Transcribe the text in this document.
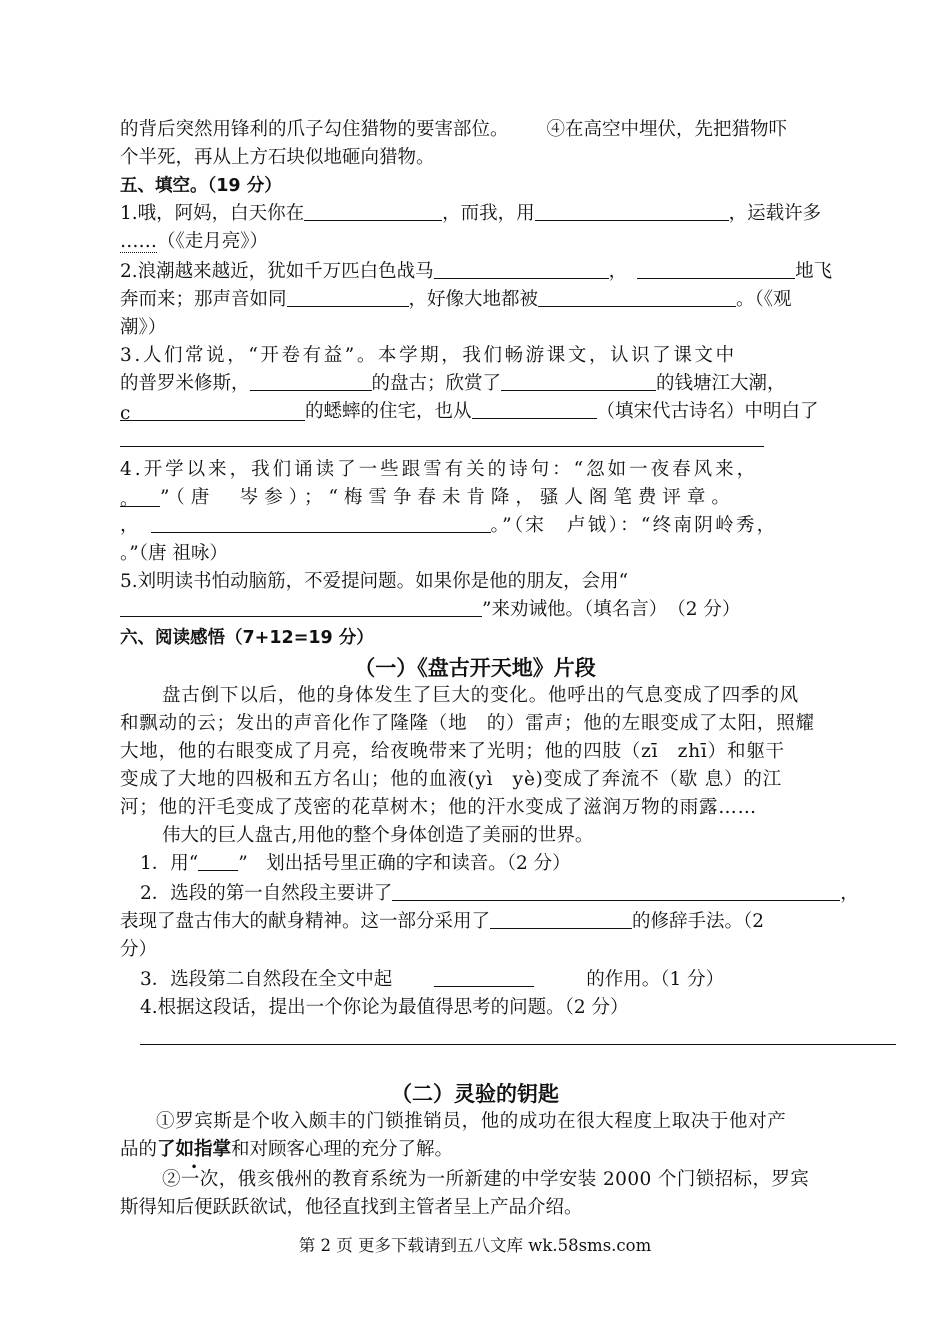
的背后突然用锋利的爪子勾住猎物的要害部位。 ④在高空中埋伏，先把猎物吓
个半死，再从上方石块似地砸向猎物。
五、填空。（19 分）
1.哦，阿妈，白天你在	，而我，用	，运载许多
……（《走月亮》）
2.浪潮越来越近，犹如千万匹白色战马	，	地飞
奔而来；那声音如同	，好像大地都被	。（《观
潮》）
3.人们常说，“开卷有益”。本学期，我们畅游课文，认识了课文中
的普罗米修斯，	的盘古；欣赏了	的钱塘江大潮，
c	的蟋蟀的住宅，也从	（填宋代古诗名）中明白了
4.开学以来，我们诵读了一些跟雪有关的诗句：“忽如一夜春风来，
。 ”（唐　岑参）；“梅雪争春未肯降，骚人阁笔费评章。
，	。”（宋　卢钺）：“终南阴岭秀，
。”（唐 祖咏）
5.刘明读书怕动脑筋，不爱提问题。如果你是他的朋友，会用“
”来劝诫他。（填名言）　（2 分）
六、阅读感悟（7+12=19 分）
（一）《盘古开天地》片段
盘古倒下以后，他的身体发生了巨大的变化。他呼出的气息变成了四季的风
和飘动的云；发出的声音化作了隆隆（地　的）雷声；他的左眼变成了太阳，照耀
大地，他的右眼变成了月亮，给夜晚带来了光明；他的四肢（zī　zhī）和躯干
变成了大地的四极和五方名山；他的血液(yì　yè)变成了奔流不（歇 息）的江
河；他的汗毛变成了茂密的花草树木；他的汗水变成了滋润万物的雨露……
伟大的巨人盘古,用他的整个身体创造了美丽的世界。
1．用“ ”　划出括号里正确的字和读音。（2 分）
2．选段的第一自然段主要讲了	，
表现了盘古伟大的献身精神。这一部分采用了	的修辞手法。（2
分）
3．选段第二自然段在全文中起	的作用。（1 分）
4.根据这段话，提出一个你论为最值得思考的问题。（2 分）
（二）灵验的钥匙
①罗宾斯是个收入颇丰的门锁推销员，他的成功在很大程度上取决于他对产
品的了如指掌和对顾客心理的充分了解。
②一次，俄亥俄州的教育系统为一所新建的中学安装 2000 个门锁招标，罗宾
斯得知后便跃跃欲试，他径直找到主管者呈上产品介绍。
第 2 页 更多下载请到五八文库 wk.58sms.com
